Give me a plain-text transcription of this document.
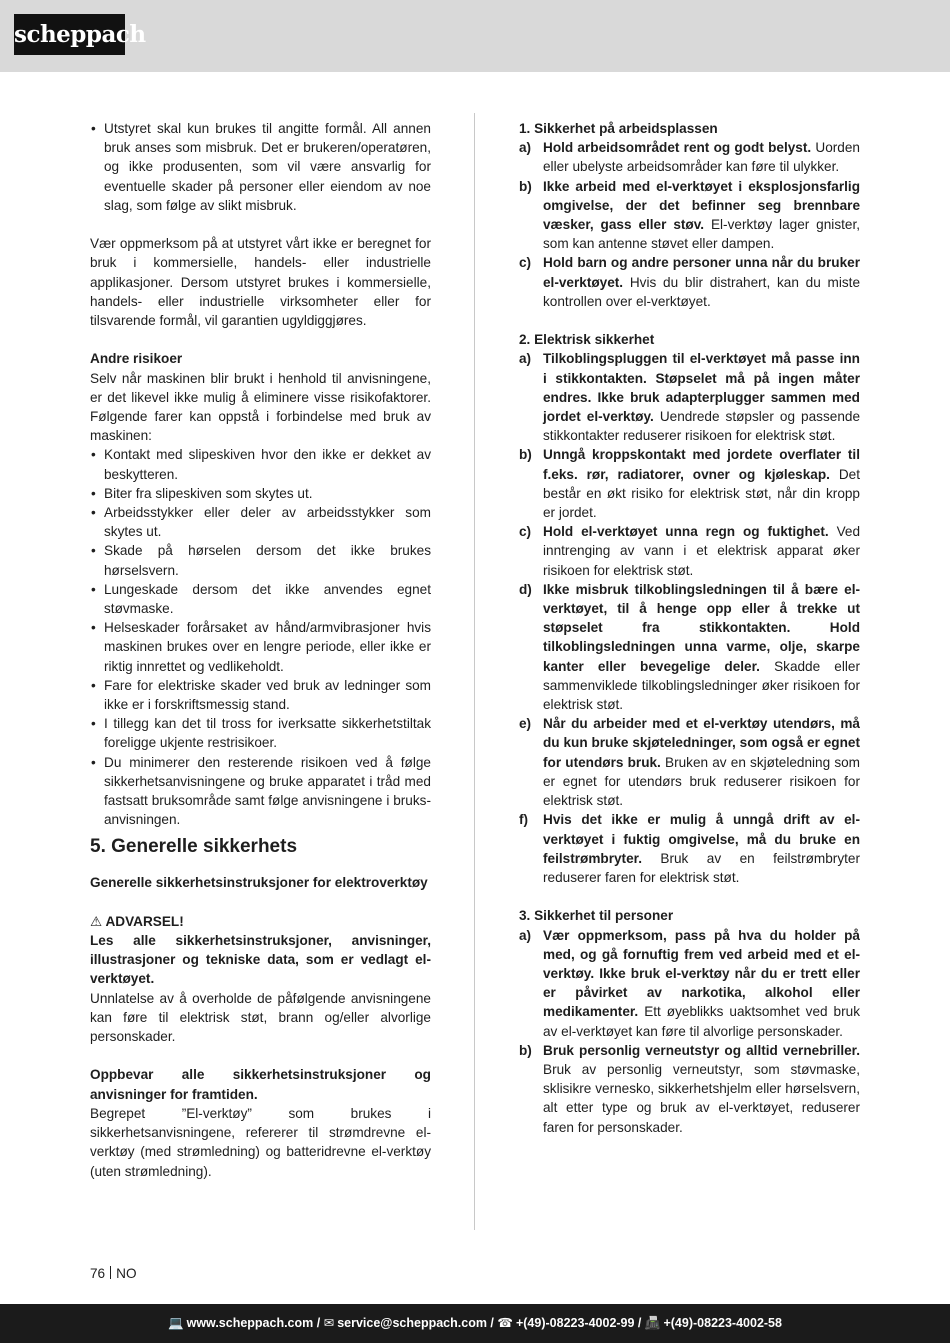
scheppach
• Utstyret skal kun brukes til angitte formål. All annen bruk anses som misbruk. Det er brukeren/operatøren, og ikke produsenten, som vil være ansvarlig for eventuelle skader på personer eller eiendom av noe slag, som følge av slikt misbruk.

Vær oppmerksom på at utstyret vårt ikke er beregnet for bruk i kommersielle, handels- eller industrielle applikasjoner. Dersom utstyret brukes i kommersielle, handels- eller industrielle virksomheter eller for tilsvarende formål, vil garantien ugyldiggjøres.

Andre risikoer

Selv når maskinen blir brukt i henhold til anvisningene, er det likevel ikke mulig å eliminere visse risikofaktorer. Følgende farer kan oppstå i forbindelse med bruk av maskinen:

• Kontakt med slipeskiven hvor den ikke er dekket av beskytteren.
• Biter fra slipeskiven som skytes ut.
• Arbeidsstykker eller deler av arbeidsstykker som skytes ut.
• Skade på hørselen dersom det ikke brukes hørselsvern.
• Lungeskade dersom det ikke anvendes egnet støvmaske.
• Helseskader forårsaket av hånd/armvibrasjoner hvis maskinen brukes over en lengre periode, eller ikke er riktig innrettet og vedlikeholdt.
• Fare for elektriske skader ved bruk av ledninger som ikke er i forskriftsmessig stand.
• I tillegg kan det til tross for iverksatte sikkerhetstiltak foreligge ukjente restrisikoer.
• Du minimerer den resterende risikoen ved å følge sikkerhetsanvisningene og bruke apparatet i tråd med fastsatt bruksområde samt følge anvisningene i bruks-anvisningen.
5. Generelle sikkerhets

Generelle sikkerhetsinstruksjoner for elektroverktøy

⚠ ADVARSEL!

Les alle sikkerhetsinstruksjoner, anvisninger, illustrasjoner og tekniske data, som er vedlagt el-verktøyet.

Unnlatelse av å overholde de påfølgende anvisningene kan føre til elektrisk støt, brann og/eller alvorlige personskader.

Oppbevar alle sikkerhetsinstruksjoner og anvisninger for framtiden.

Begrepet ”El-verktøy” som brukes i sikkerhetsanvisningene, refererer til strømdrevne el-verktøy (med strømledning) og batteridrevne el-verktøy (uten strømledning).

1. Sikkerhet på arbeidsplassen

a) Hold arbeidsområdet rent og godt belyst. Uorden eller ubelyste arbeidsområder kan føre til ulykker.
b) Ikke arbeid med el-verktøyet i eksplosjonsfarlig omgivelse, der det befinner seg brennbare væsker, gass eller støv. El-verktøy lager gnister, som kan antenne støvet eller dampen.
c) Hold barn og andre personer unna når du bruker el-verktøyet. Hvis du blir distrahert, kan du miste kontrollen over el-verktøyet.

2. Elektrisk sikkerhet

a) Tilkoblingspluggen til el-verktøyet må passe inn i stikkontakten. Støpselet må på ingen måter endres. Ikke bruk adapterplugger sammen med jordet el-verktøy. Uendrede støpsler og passende stikkontakter reduserer risikoen for elektrisk støt.
b) Unngå kroppskontakt med jordete overflater til f.eks. rør, radiatorer, ovner og kjøleskap. Det består en økt risiko for elektrisk støt, når din kropp er jordet.
c) Hold el-verktøyet unna regn og fuktighet. Ved inntrenging av vann i et elektrisk apparat øker risikoen for elektrisk støt.
d) Ikke misbruk tilkoblingsledningen til å bære el-verktøyet, til å henge opp eller å trekke ut støpselet fra stikkontakten. Hold tilkoblingsledningen unna varme, olje, skarpe kanter eller bevegelige deler. Skadde eller sammenviklede tilkoblingsledninger øker risikoen for elektrisk støt.
e) Når du arbeider med et el-verktøy utendørs, må du kun bruke skjøteledninger, som også er egnet for utendørs bruk. Bruken av en skjøteledning som er egnet for utendørs bruk reduserer risikoen for elektrisk støt.
f) Hvis det ikke er mulig å unngå drift av el-verktøyet i fuktig omgivelse, må du bruke en feilstrømbryter. Bruk av en feilstrømbryter reduserer faren for elektrisk støt.

3. Sikkerhet til personer

a) Vær oppmerksom, pass på hva du holder på med, og gå fornuftig frem ved arbeid med et el-verktøy. Ikke bruk el-verktøy når du er trett eller er påvirket av narkotika, alkohol eller medikamenter. Ett øyeblikks uaktsomhet ved bruk av el-verktøyet kan føre til alvorlige personskader.
b) Bruk personlig verneutstyr og alltid vernebriller. Bruk av personlig verneutstyr, som støvmaske, sklisikre vernesko, sikkerhetshjelm eller hørselsvern, alt etter type og bruk av el-verktøyet, reduserer faren for personskader.
76 NO
💻 www.scheppach.com / ✉ service@scheppach.com / ☎ +(49)-08223-4002-99 / 📠 +(49)-08223-4002-58
